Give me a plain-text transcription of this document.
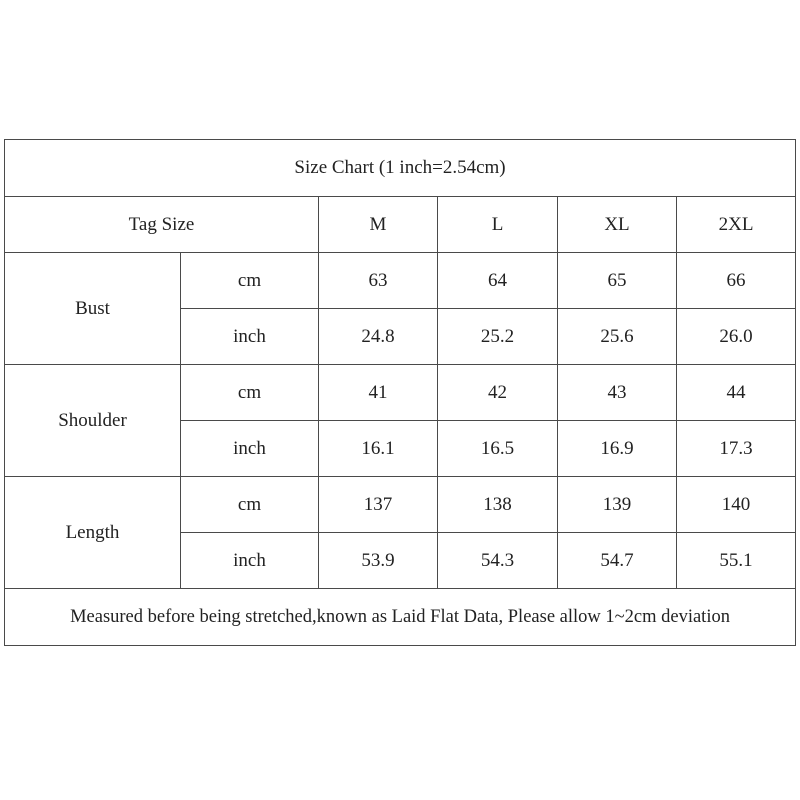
Size Chart (1 inch=2.54cm)					
Tag Size		M	L	XL	2XL
Bust	cm	63	64	65	66
	inch	24.8	25.2	25.6	26.0
Shoulder	cm	41	42	43	44
	inch	16.1	16.5	16.9	17.3
Length	cm	137	138	139	140
	inch	53.9	54.3	54.7	55.1
Measured before being stretched,known as Laid Flat Data, Please allow 1~2cm deviation					
